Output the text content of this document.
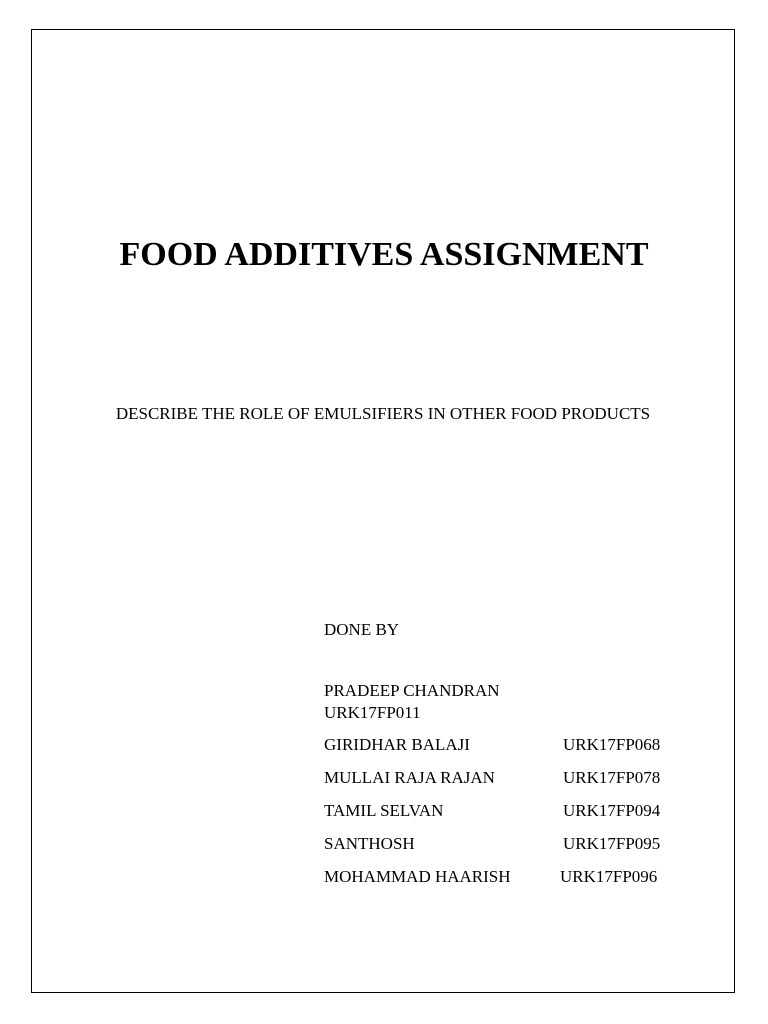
FOOD ADDITIVES ASSIGNMENT

DESCRIBE THE ROLE OF EMULSIFIERS IN OTHER FOOD PRODUCTS

DONE BY

PRADEEP CHANDRAN
URK17FP011
GIRIDHAR BALAJI	URK17FP068
MULLAI RAJA RAJAN	URK17FP078
TAMIL SELVAN	URK17FP094
SANTHOSH	URK17FP095
MOHAMMAD HAARISH	URK17FP096
